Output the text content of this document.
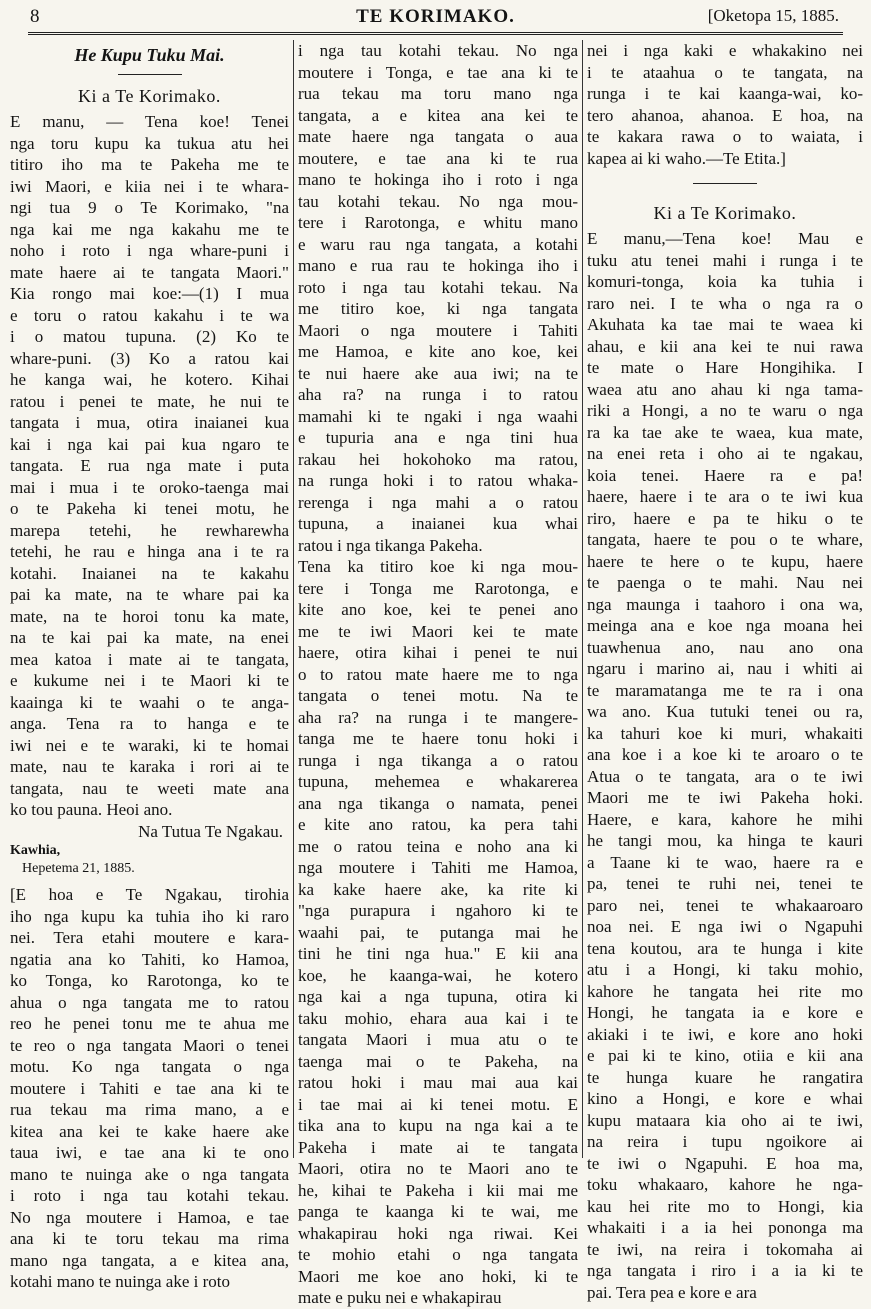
8	TE KORIMAKO.	[Oketopa 15, 1885.
He Kupu Tuku Mai.
Ki a Te Korimako.
E manu, — Tena koe! Tenei
nga toru kupu ka tukua atu hei
titiro iho ma te Pakeha me te
iwi Maori, e kiia nei i te whara-
ngi tua 9 o Te Korimako, "na
nga kai me nga kakahu me te
noho i roto i nga whare-puni i
mate haere ai te tangata Maori."
Kia rongo mai koe:—(1) I mua
e toru o ratou kakahu i te wa
i o matou tupuna. (2) Ko te
whare-puni. (3) Ko a ratou kai
he kanga wai, he kotero. Kihai
ratou i penei te mate, he nui te
tangata i mua, otira inaianei kua
kai i nga kai pai kua ngaro te
tangata. E rua nga mate i puta
mai i mua i te oroko-taenga mai
o te Pakeha ki tenei motu, he
marepa tetehi, he rewharewha
tetehi, he rau e hinga ana i te ra
kotahi. Inaianei na te kakahu
pai ka mate, na te whare pai ka
mate, na te horoi tonu ka mate,
na te kai pai ka mate, na enei
mea katoa i mate ai te tangata,
e kukume nei i te Maori ki te
kaainga ki te waahi o te anga-
anga. Tena ra to hanga e te
iwi nei e te waraki, ki te homai
mate, nau te karaka i rori ai te
tangata, nau te weeti mate ana
ko tou pauna. Heoi ano.
Na Tutua Te Ngakau.
Kawhia,
Hepetema 21, 1885.
[E hoa e Te Ngakau, tirohia
iho nga kupu ka tuhia iho ki raro
nei. Tera etahi moutere e kara-
ngatia ana ko Tahiti, ko Hamoa,
ko Tonga, ko Rarotonga, ko te
ahua o nga tangata me to ratou
reo he penei tonu me te ahua me
te reo o nga tangata Maori o tenei
motu. Ko nga tangata o nga
moutere i Tahiti e tae ana ki te
rua tekau ma rima mano, a e
kitea ana kei te kake haere ake
taua iwi, e tae ana ki te ono
mano te nuinga ake o nga tangata
i roto i nga tau kotahi tekau.
No nga moutere i Hamoa, e tae
ana ki te toru tekau ma rima
mano nga tangata, a e kitea ana,
kotahi mano te nuinga ake i roto
i nga tau kotahi tekau. No nga
moutere i Tonga, e tae ana ki te
rua tekau ma toru mano nga
tangata, a e kitea ana kei te
mate haere nga tangata o aua
moutere, e tae ana ki te rua
mano te hokinga iho i roto i nga
tau kotahi tekau. No nga mou-
tere i Rarotonga, e whitu mano
e waru rau nga tangata, a kotahi
mano e rua rau te hokinga iho i
roto i nga tau kotahi tekau. Na
me titiro koe, ki nga tangata
Maori o nga moutere i Tahiti
me Hamoa, e kite ano koe, kei
te nui haere ake aua iwi; na te
aha ra? na runga i to ratou
mamahi ki te ngaki i nga waahi
e tupuria ana e nga tini hua
rakau hei hokohoko ma ratou,
na runga hoki i to ratou whaka-
rerenga i nga mahi a o ratou
tupuna, a inaianei kua whai
ratou i nga tikanga Pakeha.
Tena ka titiro koe ki nga mou-
tere i Tonga me Rarotonga, e
kite ano koe, kei te penei ano
me te iwi Maori kei te mate
haere, otira kihai i penei te nui
o to ratou mate haere me to nga
tangata o tenei motu. Na te
aha ra? na runga i te mangere-
tanga me te haere tonu hoki i
runga i nga tikanga a o ratou
tupuna, mehemea e whakarerea
ana nga tikanga o namata, penei
e kite ano ratou, ka pera tahi
me o ratou teina e noho ana ki
nga moutere i Tahiti me Hamoa,
ka kake haere ake, ka rite ki
"nga purapura i ngahoro ki te
waahi pai, te putanga mai he
tini he tini nga hua." E kii ana
koe, he kaanga-wai, he kotero
nga kai a nga tupuna, otira ki
taku mohio, ehara aua kai i te
tangata Maori i mua atu o te
taenga mai o te Pakeha, na
ratou hoki i mau mai aua kai
i tae mai ai ki tenei motu. E
tika ana to kupu na nga kai a te
Pakeha i mate ai te tangata
Maori, otira no te Maori ano te
he, kihai te Pakeha i kii mai me
panga te kaanga ki te wai, me
whakapirau hoki nga riwai. Kei
te mohio etahi o nga tangata
Maori me koe ano hoki, ki te
mate e puku nei e whakapirau
nei i nga kaki e whakakino nei
i te ataahua o te tangata, na
runga i te kai kaanga-wai, ko-
tero ahanoa, ahanoa. E hoa, na
te kakara rawa o to waiata, i
kapea ai ki waho.—Te Etita.]
Ki a Te Korimako.
E manu,—Tena koe! Mau e
tuku atu tenei mahi i runga i te
komuri-tonga, koia ka tuhia i
raro nei. I te wha o nga ra o
Akuhata ka tae mai te waea ki
ahau, e kii ana kei te nui rawa
te mate o Hare Hongihika. I
waea atu ano ahau ki nga tama-
riki a Hongi, a no te waru o nga
ra ka tae ake te waea, kua mate,
na enei reta i oho ai te ngakau,
koia tenei. Haere ra e pa!
haere, haere i te ara o te iwi kua
riro, haere e pa te hiku o te
tangata, haere te pou o te whare,
haere te here o te kupu, haere
te paenga o te mahi. Nau nei
nga maunga i taahoro i ona wa,
meinga ana e koe nga moana hei
tuawhenua ano, nau ano ona
ngaru i marino ai, nau i whiti ai
te maramatanga me te ra i ona
wa ano. Kua tutuki tenei ou ra,
ka tahuri koe ki muri, whakaiti
ana koe i a koe ki te aroaro o te
Atua o te tangata, ara o te iwi
Maori me te iwi Pakeha hoki.
Haere, e kara, kahore he mihi
he tangi mou, ka hinga te kauri
a Taane ki te wao, haere ra e
pa, tenei te ruhi nei, tenei te
paro nei, tenei te whakaaroaro
noa nei. E nga iwi o Ngapuhi
tena koutou, ara te hunga i kite
atu i a Hongi, ki taku mohio,
kahore he tangata hei rite mo
Hongi, he tangata ia e kore e
akiaki i te iwi, e kore ano hoki
e pai ki te kino, otiia e kii ana
te hunga kuare he rangatira
kino a Hongi, e kore e whai
kupu mataara kia oho ai te iwi,
na reira i tupu ngoikore ai
te iwi o Ngapuhi. E hoa ma,
toku whakaaro, kahore he nga-
kau hei rite mo to Hongi, kia
whakaiti i a ia hei pononga ma
te iwi, na reira i tokomaha ai
nga tangata i riro i a ia ki te
pai. Tera pea e kore e ara
